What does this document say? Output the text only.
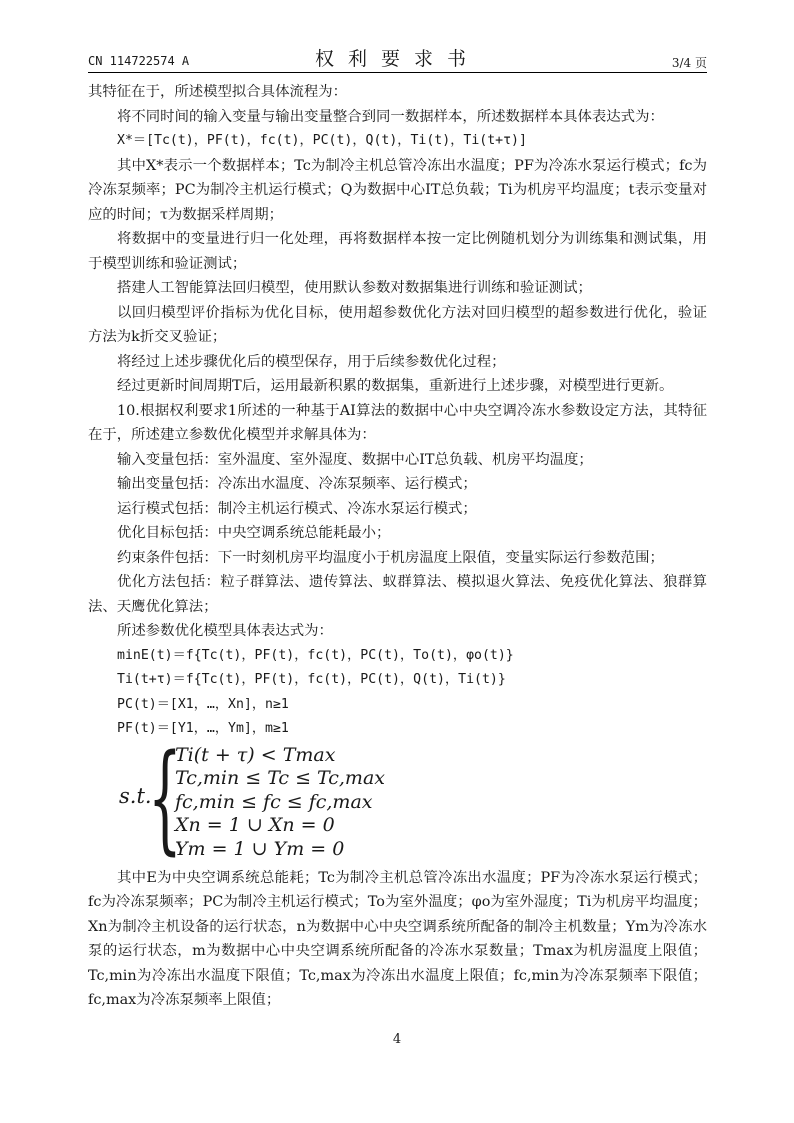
CN 114722574 A	权利要求书	3/4 页

其特征在于，所述模型拟合具体流程为：

将不同时间的输入变量与输出变量整合到同一数据样本，所述数据样本具体表达式为：

X*＝[Tc(t)，PF(t)，fc(t)，PC(t)，Q(t)，Ti(t)，Ti(t+τ)]

其中X*表示一个数据样本；Tc为制冷主机总管冷冻出水温度；PF为冷冻水泵运行模式；fc为冷冻泵频率；PC为制冷主机运行模式；Q为数据中心IT总负载；Ti为机房平均温度；t表示变量对应的时间；τ为数据采样周期；

将数据中的变量进行归一化处理，再将数据样本按一定比例随机划分为训练集和测试集，用于模型训练和验证测试；

搭建人工智能算法回归模型，使用默认参数对数据集进行训练和验证测试；

以回归模型评价指标为优化目标，使用超参数优化方法对回归模型的超参数进行优化，验证方法为k折交叉验证；

将经过上述步骤优化后的模型保存，用于后续参数优化过程；

经过更新时间周期T后，运用最新积累的数据集，重新进行上述步骤，对模型进行更新。

10.根据权利要求1所述的一种基于AI算法的数据中心中央空调冷冻水参数设定方法，其特征在于，所述建立参数优化模型并求解具体为：

输入变量包括：室外温度、室外湿度、数据中心IT总负载、机房平均温度；

输出变量包括：冷冻出水温度、冷冻泵频率、运行模式；

运行模式包括：制冷主机运行模式、冷冻水泵运行模式；

优化目标包括：中央空调系统总能耗最小；

约束条件包括：下一时刻机房平均温度小于机房温度上限值，变量实际运行参数范围；

优化方法包括：粒子群算法、遗传算法、蚁群算法、模拟退火算法、免疫优化算法、狼群算法、天鹰优化算法；

所述参数优化模型具体表达式为：

minE(t)＝f{Tc(t)，PF(t)，fc(t)，PC(t)，To(t)，φo(t)}

Ti(t+τ)＝f{Tc(t)，PF(t)，fc(t)，PC(t)，Q(t)，Ti(t)}

PC(t)＝[X1，…，Xn]，n≥1

PF(t)＝[Y1，…，Ym]，m≥1

s.t.
{
Ti(t + τ) < Tmax
Tc,min ≤ Tc ≤ Tc,max
fc,min ≤ fc ≤ fc,max
Xn = 1 ∪ Xn = 0
Ym = 1 ∪ Ym = 0

其中E为中央空调系统总能耗；Tc为制冷主机总管冷冻出水温度；PF为冷冻水泵运行模式；fc为冷冻泵频率；PC为制冷主机运行模式；To为室外温度；φo为室外湿度；Ti为机房平均温度；Xn为制冷主机设备的运行状态，n为数据中心中央空调系统所配备的制冷主机数量；Ym为冷冻水泵的运行状态，m为数据中心中央空调系统所配备的冷冻水泵数量；Tmax为机房温度上限值；Tc,min为冷冻出水温度下限值；Tc,max为冷冻出水温度上限值；fc,min为冷冻泵频率下限值；fc,max为冷冻泵频率上限值；

4
